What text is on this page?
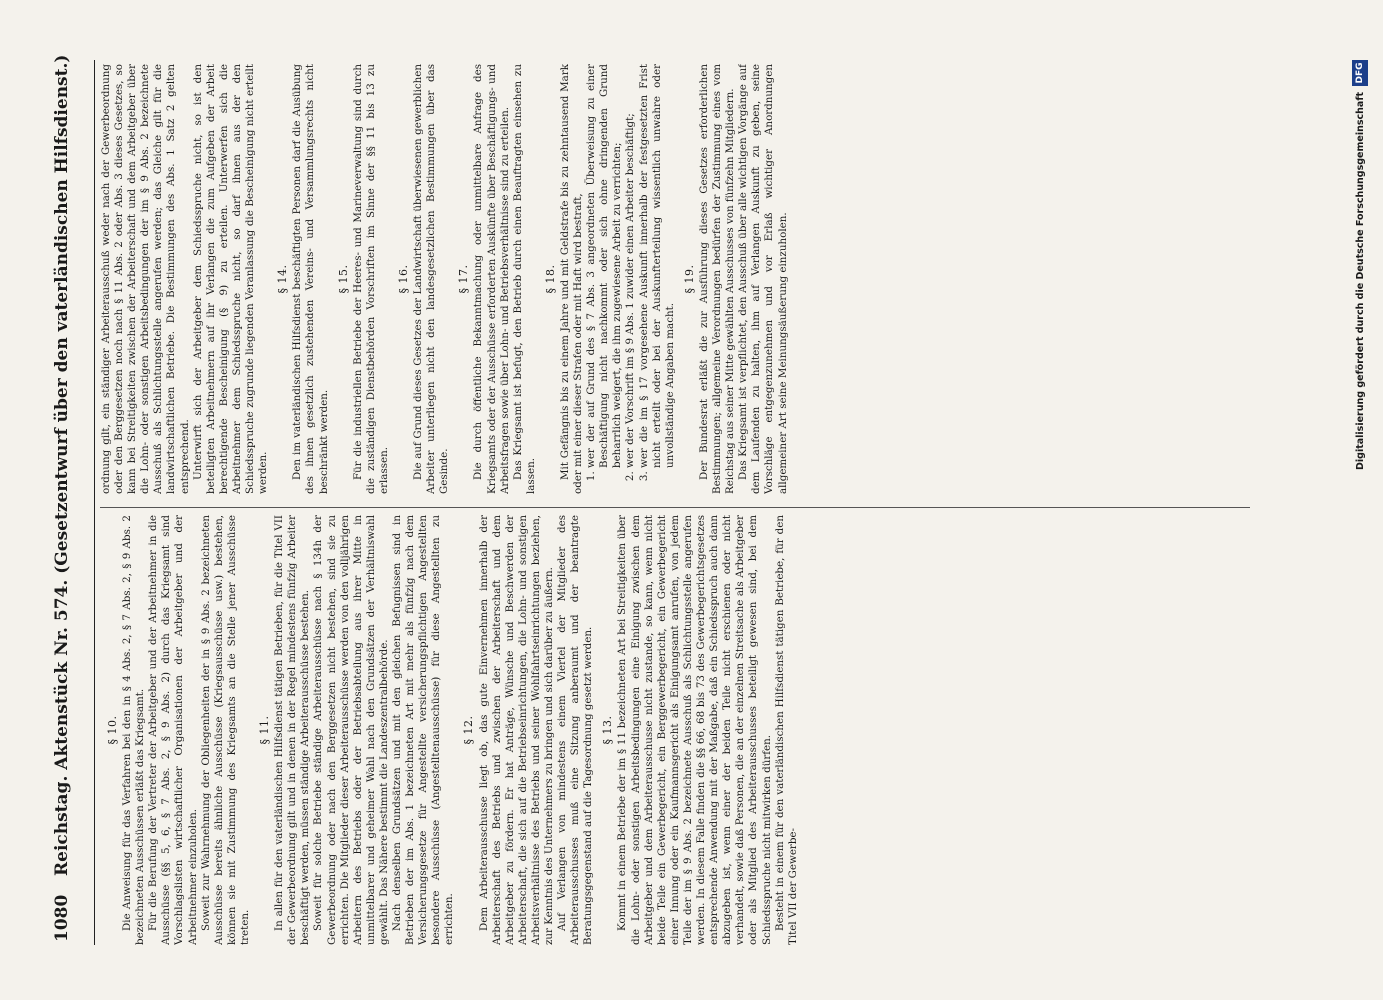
1080
Reichstag. Aktenstück Nr. 574. (Gesetzentwurf über den vaterländischen Hilfsdienst.)	§ 10. Die Anweisung für das Verfahren bei den in § 4 Abs. 2, § 7 Abs. 2, § 9 Abs. 2 bezeichneten Ausschüssen erläßt das Kriegsamt. Für die Berufung der Vertreter der Arbeitgeber und der Arbeitnehmer in die Ausschüsse (§§ 5, 6, § 7 Abs. 2, § 9 Abs. 2) durch das Kriegsamt sind Vorschlagslisten wirtschaftlicher Organisationen der Arbeitgeber und der Arbeitnehmer einzuholen. Soweit zur Wahrnehmung der Obliegenheiten der in § 9 Abs. 2 bezeichneten Ausschüsse bereits ähnliche Ausschüsse (Kriegsausschüsse usw.) bestehen, können sie mit Zustimmung des Kriegsamts an die Stelle jener Ausschüsse treten.

§ 11. In allen für den vaterländischen Hilfsdienst tätigen Betrieben, für die Titel VII der Gewerbeordnung gilt und in denen in der Regel mindestens fünfzig Arbeiter beschäftigt werden, müssen ständige Arbeiterausschüsse bestehen. Soweit für solche Betriebe ständige Arbeiterausschüsse nach § 134h der Gewerbeordnung oder nach den Berggesetzen nicht bestehen, sind sie zu errichten. Die Mitglieder dieser Arbeiterausschüsse werden von den volljährigen Arbeitern des Betriebs oder der Betriebsabteilung aus ihrer Mitte in unmittelbarer und geheimer Wahl nach den Grundsätzen der Verhältniswahl gewählt. Das Nähere bestimmt die Landeszentralbehörde. Nach denselben Grundsätzen und mit den gleichen Befugnissen sind in Betrieben der im Abs. 1 bezeichneten Art mit mehr als fünfzig nach dem Versicherungsgesetze für Angestellte versicherungspflichtigen Angestellten besondere Ausschüsse (Angestelltenausschüsse) für diese Angestellten zu errichten.

§ 12. Dem Arbeiterausschusse liegt ob, das gute Einvernehmen innerhalb der Arbeiterschaft des Betriebs und zwischen der Arbeiterschaft und dem Arbeitgeber zu fördern. Er hat Anträge, Wünsche und Beschwerden der Arbeiterschaft, die sich auf die Betriebseinrichtungen, die Lohn- und sonstigen Arbeitsverhältnisse des Betriebs und seiner Wohlfahrtseinrichtungen beziehen, zur Kenntnis des Unternehmers zu bringen und sich darüber zu äußern. Auf Verlangen von mindestens einem Viertel der Mitglieder des Arbeiterausschusses muß eine Sitzung anberaumt und der beantragte Beratungsgegenstand auf die Tagesordnung gesetzt werden. § 13. Kommt in einem Betriebe der im § 11 bezeichneten Art bei Streitigkeiten über die Lohn- oder sonstigen Arbeitsbedingungen eine Einigung zwischen dem Arbeitgeber und dem Arbeiterausschusse nicht zustande, so kann, wenn nicht beide Teile ein Gewerbegericht, ein Berggewerbegericht, ein Gewerbegericht einer Innung oder ein Kaufmannsgericht als Einigungsamt anrufen, von jedem Teile der im § 9 Abs. 2 bezeichnete Ausschuß als Schlichtungsstelle angerufen werden. In diesem Falle finden die §§ 66, 68 bis 73 des Gewerbegerichtsgesetzes entsprechende Anwendung mit der Maßgabe, daß ein Schiedsspruch auch dann abzugeben ist, wenn einer der beiden Teile nicht erschienen oder nicht verhandelt, sowie daß Personen, die an der einzelnen Streitsache als Arbeitgeber oder als Mitglied des Arbeiterausschusses beteiligt gewesen sind, bei dem Schiedsspruche nicht mitwirken dürfen. Besteht in einem für den vaterländischen Hilfsdienst tätigen Betriebe, für den Titel VII der Gewerbe-

ordnung gilt, ein ständiger Arbeiterausschuß weder nach der Gewerbeordnung oder den Berggesetzen noch nach § 11 Abs. 2 oder Abs. 3 dieses Gesetzes, so kann bei Streitigkeiten zwischen der Arbeiterschaft und dem Arbeitgeber über die Lohn- oder sonstigen Arbeitsbedingungen der im § 9 Abs. 2 bezeichnete Ausschuß als Schlichtungsstelle angerufen werden; das Gleiche gilt für die landwirtschaftlichen Betriebe. Die Bestimmungen des Abs. 1 Satz 2 gelten entsprechend. Unterwirft sich der Arbeitgeber dem Schiedsspruche nicht, so ist den beteiligten Arbeitnehmern auf ihr Verlangen die zum Aufgeben der Arbeit berechtigende Bescheinigung (§ 9) zu erteilen. Unterwerfen sich die Arbeitnehmer dem Schiedsspruche nicht, so darf ihnen aus der den Schiedsspruche zugrunde liegenden Veranlassung die Bescheinigung nicht erteilt werden.

§ 14. Den im vaterländischen Hilfsdienst beschäftigten Personen darf die Ausübung des ihnen gesetzlich zustehenden Vereins- und Versammlungsrechts nicht beschränkt werden.

§ 15. Für die industriellen Betriebe der Heeres- und Marineverwaltung sind durch die zuständigen Dienstbehörden Vorschriften im Sinne der §§ 11 bis 13 zu erlassen.

§ 16. Die auf Grund dieses Gesetzes der Landwirtschaft überwiesenen gewerblichen Arbeiter unterliegen nicht den landesgesetzlichen Bestimmungen über das Gesinde.

§ 17. Die durch öffentliche Bekanntmachung oder unmittelbare Anfrage des Kriegsamts oder der Ausschüsse erforderten Auskünfte über Beschäftigungs- und Arbeitsfragen sowie über Lohn- und Betriebsverhältnisse sind zu erteilen. Das Kriegsamt ist befugt, den Betrieb durch einen Beauftragten einsehen zu lassen.

§ 18. Mit Gefängnis bis zu einem Jahre und mit Geldstrafe bis zu zehntausend Mark oder mit einer dieser Strafen oder mit Haft wird bestraft, 1. wer der auf Grund des § 7 Abs. 3 angeordneten Überweisung zu einer Beschäftigung nicht nachkommt oder sich ohne dringenden Grund beharrlich weigert, die ihm zugewiesene Arbeit zu verrichten; 2. wer der Vorschrift im § 9 Abs. 1 zuwider einen Arbeiter beschäftigt; 3. wer die im § 17 vorgesehene Auskunft innerhalb der festgesetzten Frist nicht erteilt oder bei der Auskunfterteilung wissentlich unwahre oder unvollständige Angaben macht.
§ 19. Der Bundesrat erläßt die zur Ausführung dieses Gesetzes erforderlichen Bestimmungen; allgemeine Verordnungen bedürfen der Zustimmung eines vom Reichstag aus seiner Mitte gewählten Ausschusses von fünfzehn Mitgliedern. Das Kriegsamt ist verpflichtet, den Ausschuß über alle wichtigen Vorgänge auf dem Laufenden zu halten, ihm auf Verlangen Auskunft zu geben, seine Vorschläge entgegenzunehmen und vor Erlaß wichtiger Anordnungen allgemeiner Art seine Meinungsäußerung einzuholen.	Digitalisierung gefördert durch die Deutsche Forschungsgemeinschaft
DFG
